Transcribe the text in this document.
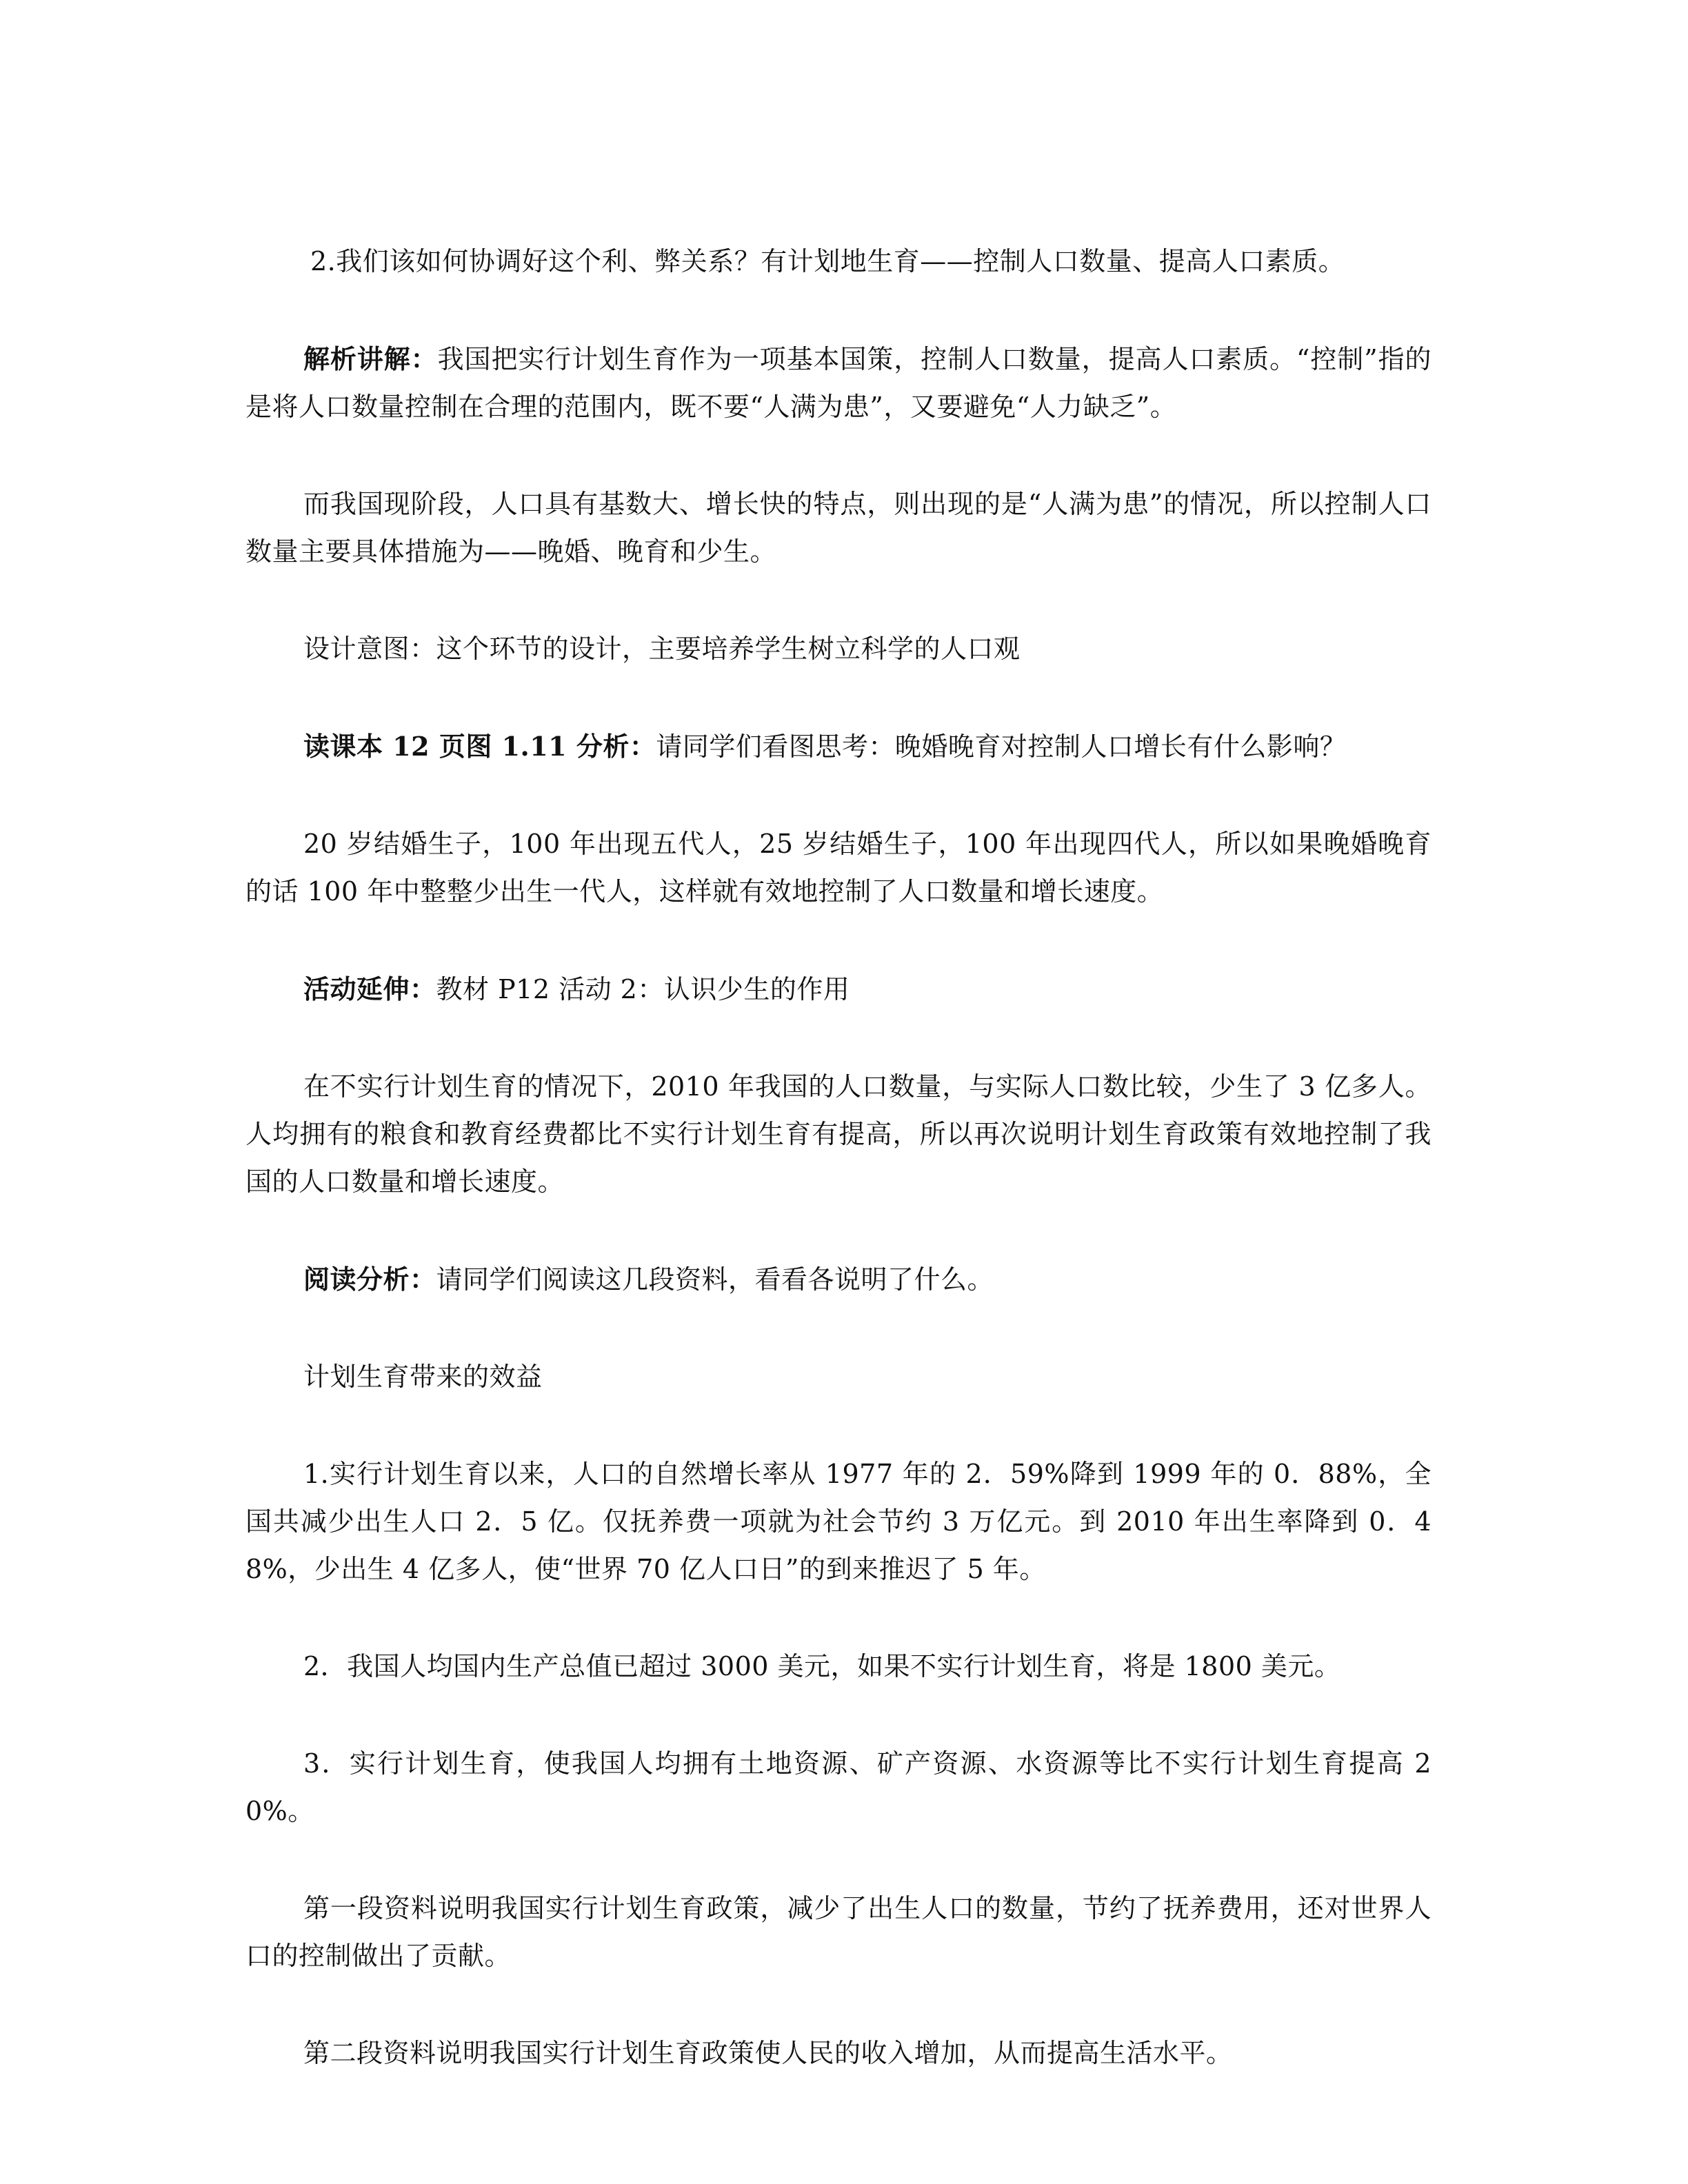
2.我们该如何协调好这个利、弊关系？有计划地生育——控制人口数量、提高人口素质。

解析讲解：我国把实行计划生育作为一项基本国策，控制人口数量，提高人口素质。“控制”指的是将人口数量控制在合理的范围内，既不要“人满为患”，又要避免“人力缺乏”。

而我国现阶段，人口具有基数大、增长快的特点，则出现的是“人满为患”的情况，所以控制人口数量主要具体措施为——晚婚、晚育和少生。

设计意图：这个环节的设计，主要培养学生树立科学的人口观

读课本 12 页图 1.11 分析：请同学们看图思考：晚婚晚育对控制人口增长有什么影响？

20 岁结婚生子，100 年出现五代人，25 岁结婚生子，100 年出现四代人，所以如果晚婚晚育的话 100 年中整整少出生一代人，这样就有效地控制了人口数量和增长速度。

活动延伸：教材 P12 活动 2：认识少生的作用

在不实行计划生育的情况下，2010 年我国的人口数量，与实际人口数比较，少生了 3 亿多人。人均拥有的粮食和教育经费都比不实行计划生育有提高，所以再次说明计划生育政策有效地控制了我国的人口数量和增长速度。

阅读分析：请同学们阅读这几段资料，看看各说明了什么。

计划生育带来的效益

1.实行计划生育以来，人口的自然增长率从 1977 年的 2．59%降到 1999 年的 0．88%，全国共减少出生人口 2．5 亿。仅抚养费一项就为社会节约 3 万亿元。到 2010 年出生率降到 0．48%，少出生 4 亿多人，使“世界 70 亿人口日”的到来推迟了 5 年。

2．我国人均国内生产总值已超过 3000 美元，如果不实行计划生育，将是 1800 美元。

3．实行计划生育，使我国人均拥有土地资源、矿产资源、水资源等比不实行计划生育提高 20%。

第一段资料说明我国实行计划生育政策，减少了出生人口的数量，节约了抚养费用，还对世界人口的控制做出了贡献。

第二段资料说明我国实行计划生育政策使人民的收入增加，从而提高生活水平。
